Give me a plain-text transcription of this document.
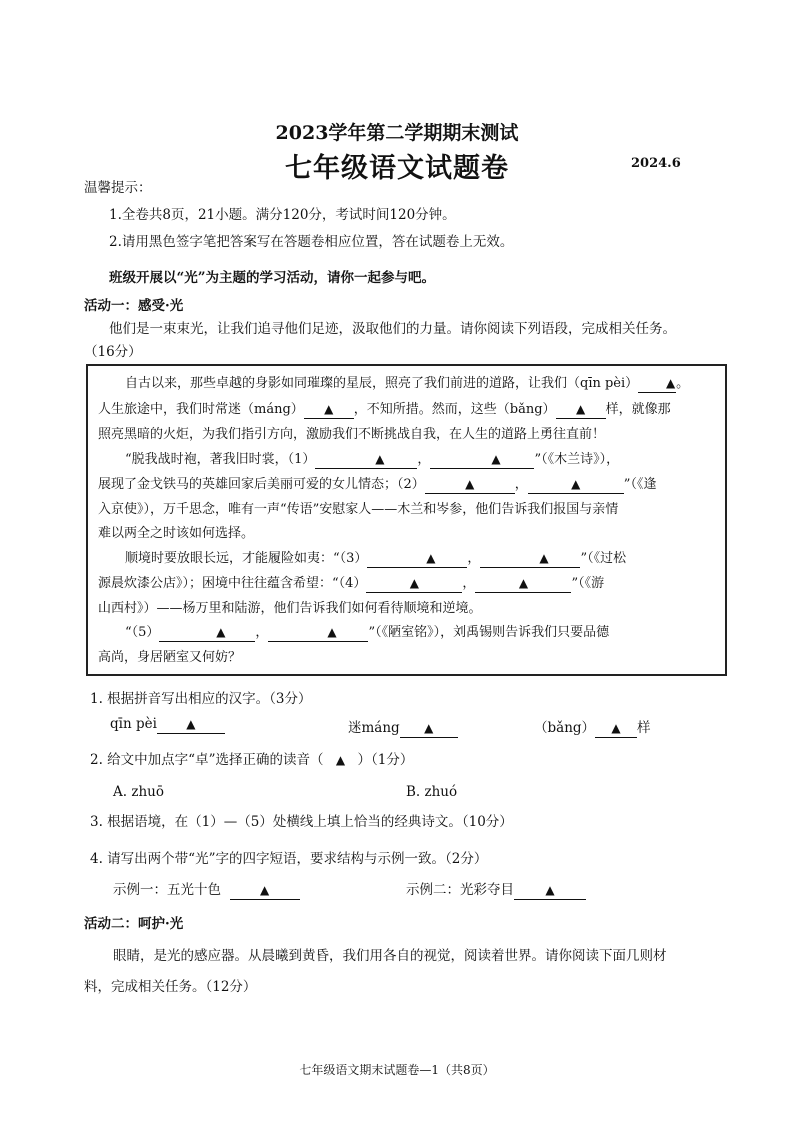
2023学年第二学期期末测试
七年级语文试题卷	2024.6
温馨提示：
1.全卷共8页，21小题。满分120分，考试时间120分钟。
2.请用黑色签字笔把答案写在答题卷相应位置，答在试题卷上无效。
班级开展以“光”为主题的学习活动，请你一起参与吧。
活动一：感受·光
他们是一束束光，让我们追寻他们足迹，汲取他们的力量。请你阅读下列语段，完成相关任务。
（16分）
自古以来，那些卓越的身影如同璀璨的星辰，照亮了我们前进的道路，让我们（qīn pèi） ▲。
人生旅途中，我们时常迷（máng） ▲ ，不知所措。然而，这些（bǎng） ▲ 样，就像那
照亮黑暗的火炬，为我们指引方向，激励我们不断挑战自我，在人生的道路上勇往直前！
“脱我战时袍，著我旧时裳，（1）	▲	，	▲	”（《木兰诗》），
展现了金戈铁马的英雄回家后美丽可爱的女儿情态；（2）	▲	，	▲	”（《逢
入京使》），万千思念，唯有一声“传语”安慰家人——木兰和岑参，他们告诉我们报国与亲情
难以两全之时该如何选择。
顺境时要放眼长远，才能履险如夷：“（3）	▲ ，	▲ ”（《过松
源晨炊漆公店》）；困境中往往蕴含希望：“（4）	▲	，	▲	”（《游
山西村》）——杨万里和陆游，他们告诉我们如何看待顺境和逆境。
“（5）	▲ ，	▲ ”（《陋室铭》），刘禹锡则告诉我们只要品德
高尚，身居陋室又何妨？
1. 根据拼音写出相应的汉字。（3分）
qīn pèi ▲	迷máng ▲	（bǎng） ▲ 样
2. 给文中加点字“卓”选择正确的读音（ ▲ ）（1分）
A. zhuō	B. zhuó
3. 根据语境，在（1）—（5）处横线上填上恰当的经典诗文。（10分）
4. 请写出两个带“光”字的四字短语，要求结构与示例一致。（2分）
示例一：五光十色	▲	示例二：光彩夺目	▲
活动二：呵护·光
眼睛，是光的感应器。从晨曦到黄昏，我们用各自的视觉，阅读着世界。请你阅读下面几则材
料，完成相关任务。（12分）
七年级语文期末试题卷—1（共8页）
